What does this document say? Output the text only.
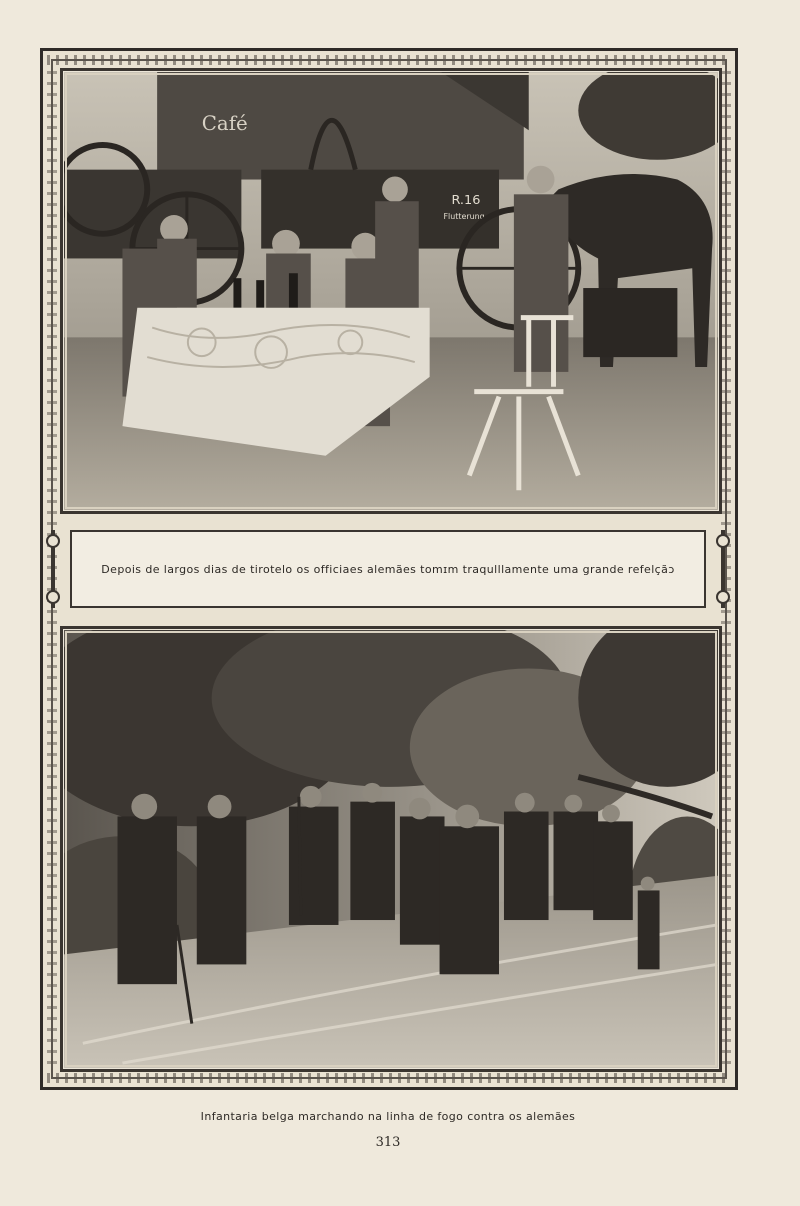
Café
R.16
Flutterung
Depois de largos dias de tirotelo os officiaes alemães tomɪm traqulllamente uma grande refelçãɔ
Infantaria belga marchando na linha de fogo contra os alemães
313
